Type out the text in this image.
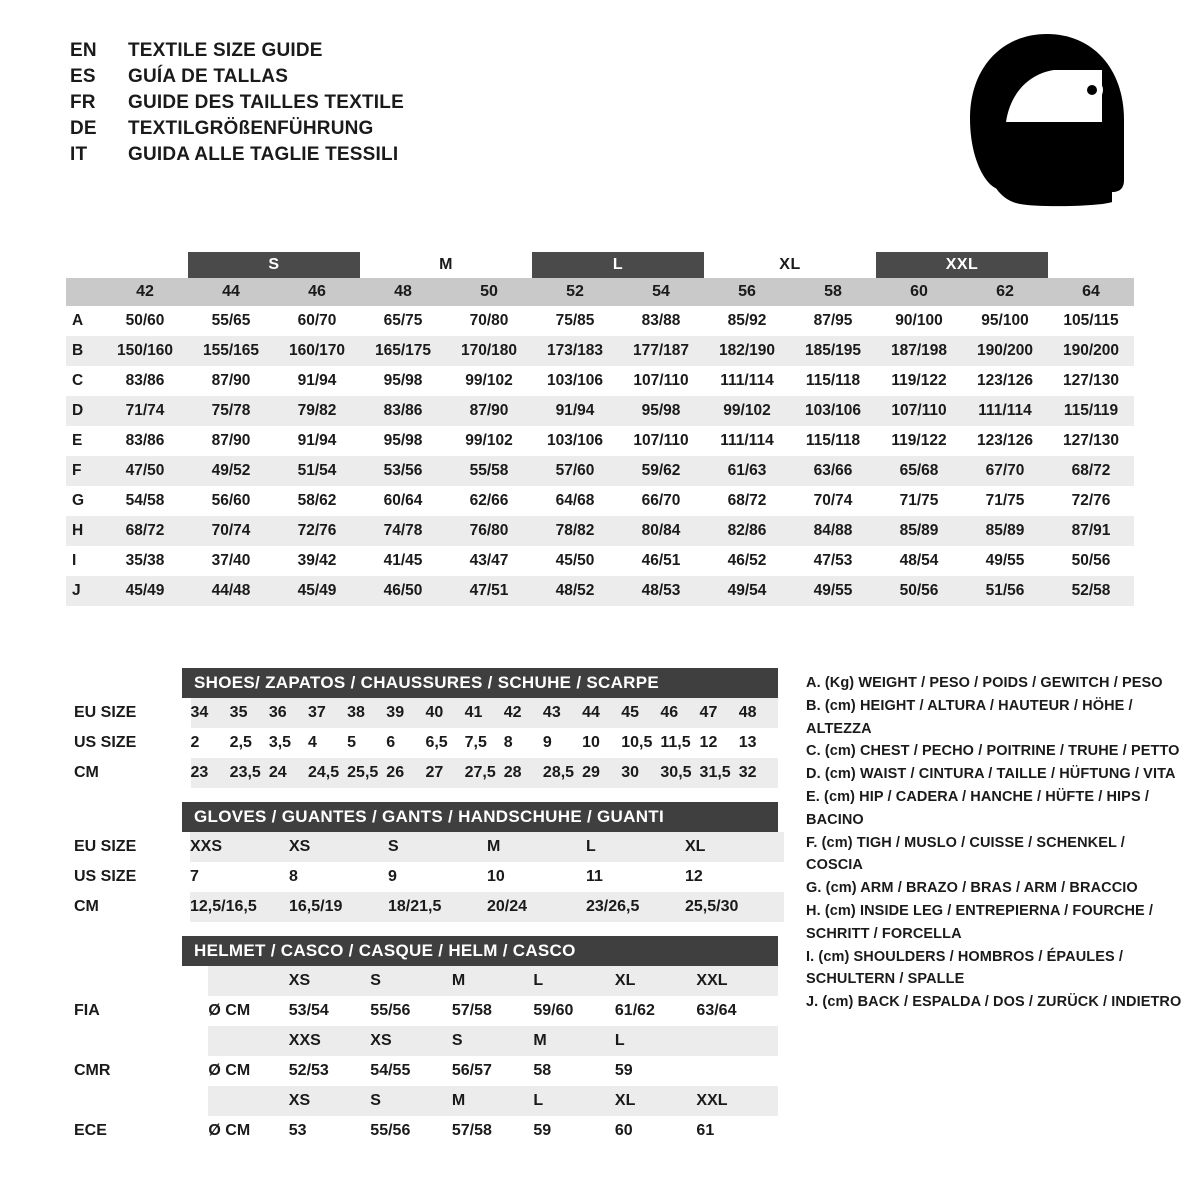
EN	TEXTILE SIZE GUIDE
ES	GUÍA DE TALLAS
FR	GUIDE DES TAILLES TEXTILE
DE	TEXTILGRÖßENFÜHRUNG
IT	GUIDA ALLE TAGLIE TESSILI
		S		M		L		XL		XXL		
	42	44	46	48	50	52	54	56	58	60	62	64
A	50/60	55/65	60/70	65/75	70/80	75/85	83/88	85/92	87/95	90/100	95/100	105/115
B	150/160	155/165	160/170	165/175	170/180	173/183	177/187	182/190	185/195	187/198	190/200	190/200
C	83/86	87/90	91/94	95/98	99/102	103/106	107/110	111/114	115/118	119/122	123/126	127/130
D	71/74	75/78	79/82	83/86	87/90	91/94	95/98	99/102	103/106	107/110	111/114	115/119
E	83/86	87/90	91/94	95/98	99/102	103/106	107/110	111/114	115/118	119/122	123/126	127/130
F	47/50	49/52	51/54	53/56	55/58	57/60	59/62	61/63	63/66	65/68	67/70	68/72
G	54/58	56/60	58/62	60/64	62/66	64/68	66/70	68/72	70/74	71/75	71/75	72/76
H	68/72	70/74	72/76	74/78	76/80	78/82	80/84	82/86	84/88	85/89	85/89	87/91
I	35/38	37/40	39/42	41/45	43/47	45/50	46/51	46/52	47/53	48/54	49/55	50/56
J	45/49	44/48	45/49	46/50	47/51	48/52	48/53	49/54	49/55	50/56	51/56	52/58
SHOES/ ZAPATOS / CHAUSSURES / SCHUHE / SCARPE
EU SIZE	34	35	36	37	38	39	40	41	42	43	44	45	46	47	48
US SIZE	2	2,5	3,5	4	5	6	6,5	7,5	8	9	10	10,5	11,5	12	13
CM	23	23,5	24	24,5	25,5	26	27	27,5	28	28,5	29	30	30,5	31,5	32
GLOVES / GUANTES / GANTS / HANDSCHUHE / GUANTI
EU SIZE	XXS	XS	S	M	L	XL
US SIZE	7	8	9	10	11	12
CM	12,5/16,5	16,5/19	18/21,5	20/24	23/26,5	25,5/30
HELMET / CASCO / CASQUE / HELM / CASCO
		XS	S	M	L	XL	XXL
FIA	Ø CM	53/54	55/56	57/58	59/60	61/62	63/64
		XXS	XS	S	M	L	
CMR	Ø CM	52/53	54/55	56/57	58	59	
		XS	S	M	L	XL	XXL
ECE	Ø CM	53	55/56	57/58	59	60	61
A. (Kg) WEIGHT / PESO / POIDS / GEWITCH / PESO
B. (cm) HEIGHT / ALTURA / HAUTEUR / HÖHE / ALTEZZA
C. (cm) CHEST / PECHO / POITRINE / TRUHE / PETTO
D. (cm) WAIST / CINTURA / TAILLE / HÜFTUNG / VITA
E. (cm) HIP / CADERA / HANCHE / HÜFTE / HIPS / BACINO
F. (cm) TIGH / MUSLO / CUISSE / SCHENKEL / COSCIA
G. (cm) ARM / BRAZO / BRAS / ARM / BRACCIO
H. (cm) INSIDE LEG / ENTREPIERNA / FOURCHE /
SCHRITT / FORCELLA
I. (cm) SHOULDERS / HOMBROS / ÉPAULES /
SCHULTERN / SPALLE
J. (cm) BACK / ESPALDA / DOS / ZURÜCK / INDIETRO
